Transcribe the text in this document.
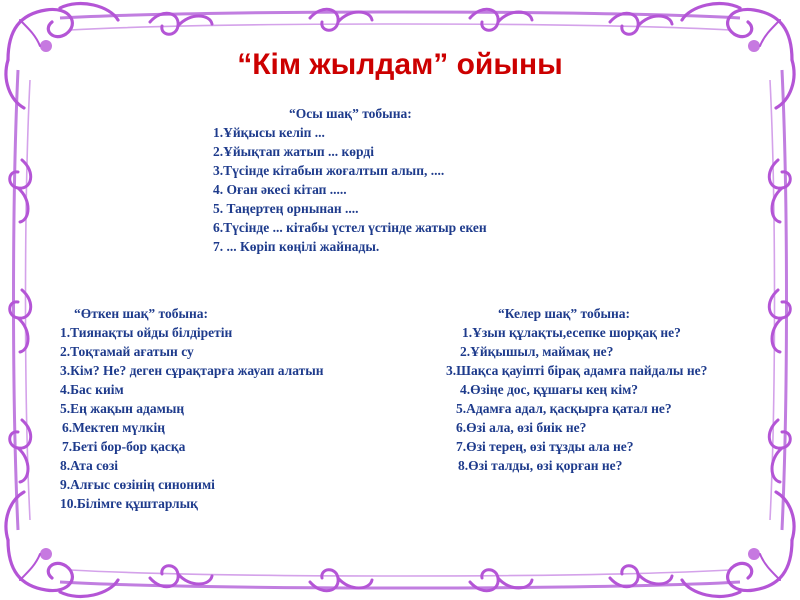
“Кім жылдам” ойыны
“Осы шақ” тобына:
1.Ұйқысы келіп ...
2.Ұйықтап жатып ... көрді
3.Түсінде кітабын жоғалтып алып, ....
4. Оған әкесі кітап .....
5. Таңертең орнынан ....
6.Түсінде ... кітабы үстел үстінде жатыр екен
7. ... Көріп көңілі жайнады.
“Өткен шақ” тобына:
1.Тиянақты ойды білдіретін
2.Тоқтамай ағатын су
3.Кім? Не? деген сұрақтарға жауап алатын
4.Бас киім
5.Ең жақын адамың
6.Мектеп мүлкің
7.Беті бор-бор қасқа
8.Ата сөзі
9.Алғыс сөзінің синонимі
10.Білімге құштарлық
“Келер шақ” тобына:
1.Ұзын құлақты,есепке шорқақ не?
2.Ұйқышыл, маймақ не?
3.Шақса қауіпті бірақ адамға пайдалы не?
4.Өзіңе дос, құшағы кең кім?
5.Адамға адал, қасқырға қатал не?
6.Өзі ала, өзі биік не?
7.Өзі терең, өзі тұзды ала не?
8.Өзі талды, өзі қорған не?
